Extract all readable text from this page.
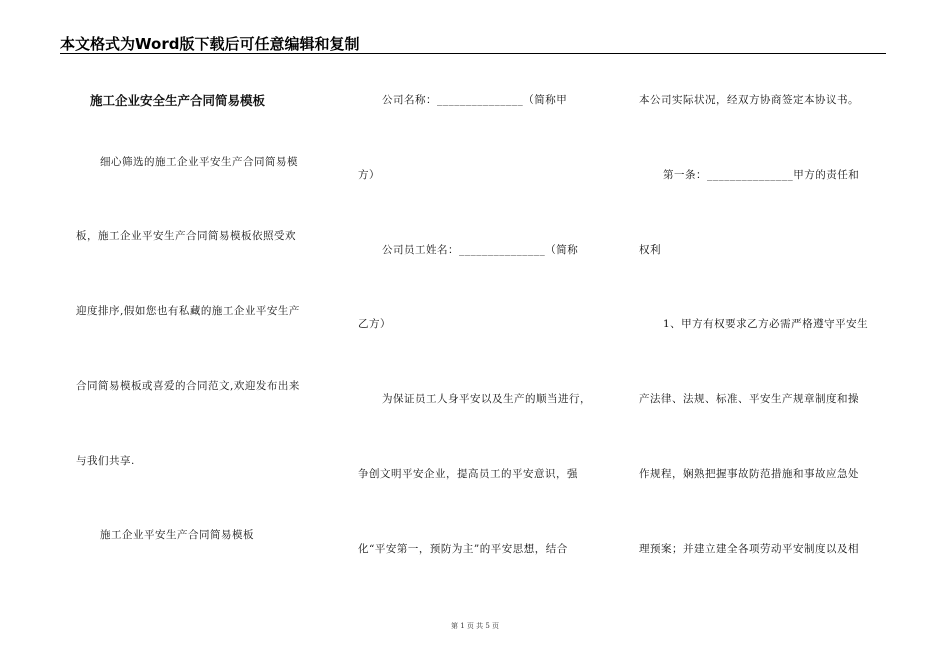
本文格式为Word版下载后可任意编辑和复制
施工企业安全生产合同简易模板
细心筛选的施工企业平安生产合同简易模
板，施工企业平安生产合同简易模板依照受欢
迎度排序,假如您也有私藏的施工企业平安生产
合同简易模板或喜爱的合同范文,欢迎发布出来
与我们共享.
施工企业平安生产合同简易模板
公司名称：_______________（简称甲
方）
公司员工姓名：_______________（简称
乙方）
为保证员工人身平安以及生产的顺当进行，
争创文明平安企业，提高员工的平安意识，强
化“平安第一，预防为主”的平安思想，结合
本公司实际状况，经双方协商签定本协议书。
第一条：_______________甲方的责任和
权利
1、甲方有权要求乙方必需严格遵守平安生
产法律、法规、标准、平安生产规章制度和操
作规程，娴熟把握事故防范措施和事故应急处
理预案；并建立建全各项劳动平安制度以及相
第 1 页 共 5 页
